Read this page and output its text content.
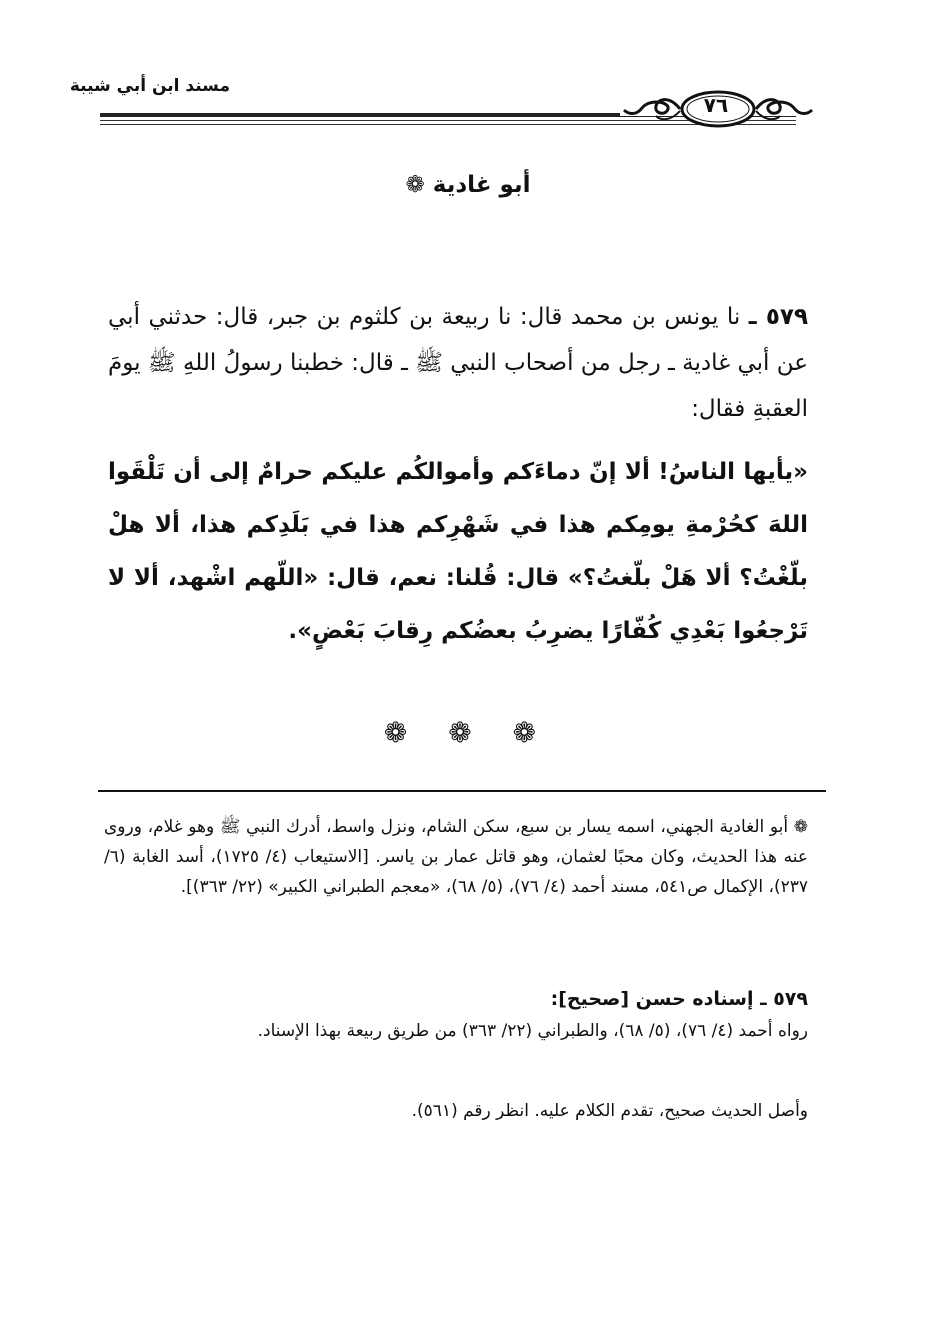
مسند ابن أبي شيبة
٧٦
أبو غادية ❁
٥٧٩ ـ نا يونس بن محمد قال: نا ربيعة بن كلثوم بن جبر، قال: حدثني أبي عن أبي غادية ـ رجل من أصحاب النبي ﷺ ـ قال: خطبنا رسولُ اللهِ ﷺ يومَ العقبةِ فقال:
«يأيها الناسُ! ألا إنّ دماءَكم وأموالكُم عليكم حرامٌ إلى أن تَلْقَوا اللهَ كحُرْمةِ يومِكم هذا في شَهْرِكم هذا في بَلَدِكم هذا، ألا هلْ بلّغْتُ؟ ألا هَلْ بلّغتُ؟» قال: قُلنا: نعم، قال: «اللّهم اشْهد، ألا لا تَرْجعُوا بَعْدِي كُفّارًا يضرِبُ بعضُكم رِقابَ بَعْضٍ».
❁ ❁ ❁
❁ أبو الغادية الجهني، اسمه يسار بن سبع، سكن الشام، ونزل واسط، أدرك النبي ﷺ وهو غلام، وروى عنه هذا الحديث، وكان محبًا لعثمان، وهو قاتل عمار بن ياسر. [الاستيعاب (٤/ ١٧٢٥)، أسد الغابة (٦/ ٢٣٧)، الإكمال ص٥٤١، مسند أحمد (٤/ ٧٦)، (٥/ ٦٨)، «معجم الطبراني الكبير» (٢٢/ ٣٦٣)].
٥٧٩ ـ إسناده حسن [صحيح]:
رواه أحمد (٤/ ٧٦)، (٥/ ٦٨)، والطبراني (٢٢/ ٣٦٣) من طريق ربيعة بهذا الإسناد.
وأصل الحديث صحيح، تقدم الكلام عليه. انظر رقم (٥٦١).
